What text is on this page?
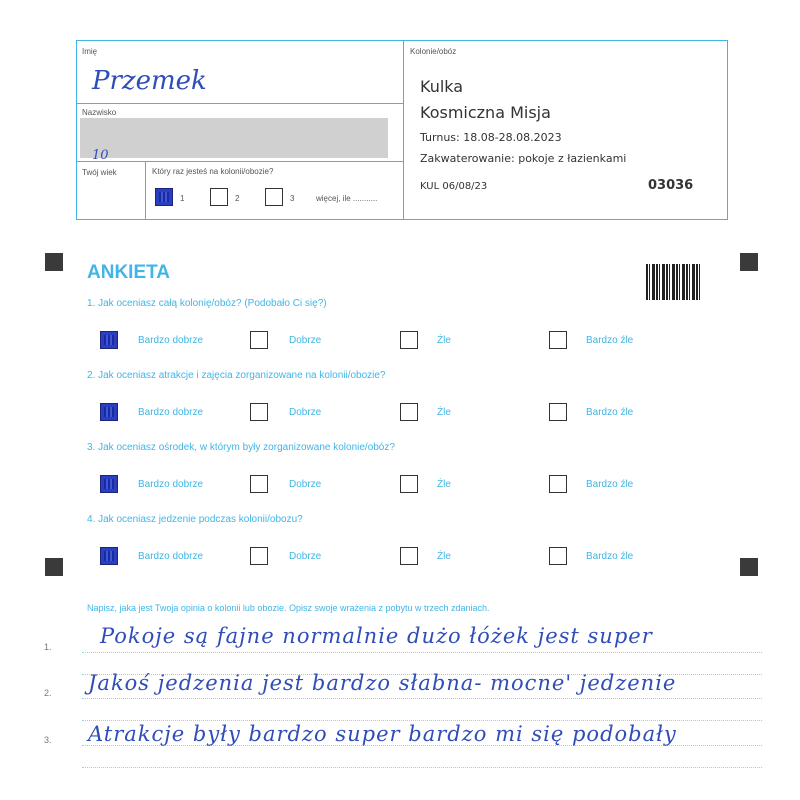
Imię
Przemek
Nazwisko
Twój wiek
10
Który raz jesteś na kolonii/obozie?
1	2	3	więcej, ile ...........
Kolonie/obóz
Kulka
Kosmiczna Misja
Turnus: 18.08-28.08.2023
Zakwaterowanie: pokoje z łazienkami
KUL 06/08/23	03036
ANKIETA
1. Jak oceniasz całą kolonię/obóz? (Podobało Ci się?)
Bardzo dobrze	Dobrze	Źle	Bardzo źle
2. Jak oceniasz atrakcje i zajęcia zorganizowane na kolonii/obozie?
Bardzo dobrze	Dobrze	Źle	Bardzo źle
3. Jak oceniasz ośrodek, w którym były zorganizowane kolonie/obóz?
Bardzo dobrze	Dobrze	Źle	Bardzo źle
4. Jak oceniasz jedzenie podczas kolonii/obozu?
Bardzo dobrze	Dobrze	Źle	Bardzo źle
Napisz, jaka jest Twoja opinia o kolonii lub obozie. Opisz swoje wrażenia z pobytu w trzech zdaniach.
1. Pokoje są fajne normalnie dużo łóżek jest super
2. Jakoś jedzenia jest bardzo słabna- mocne' jedzenie
3. Atrakcje były bardzo super bardzo mi się podobały
